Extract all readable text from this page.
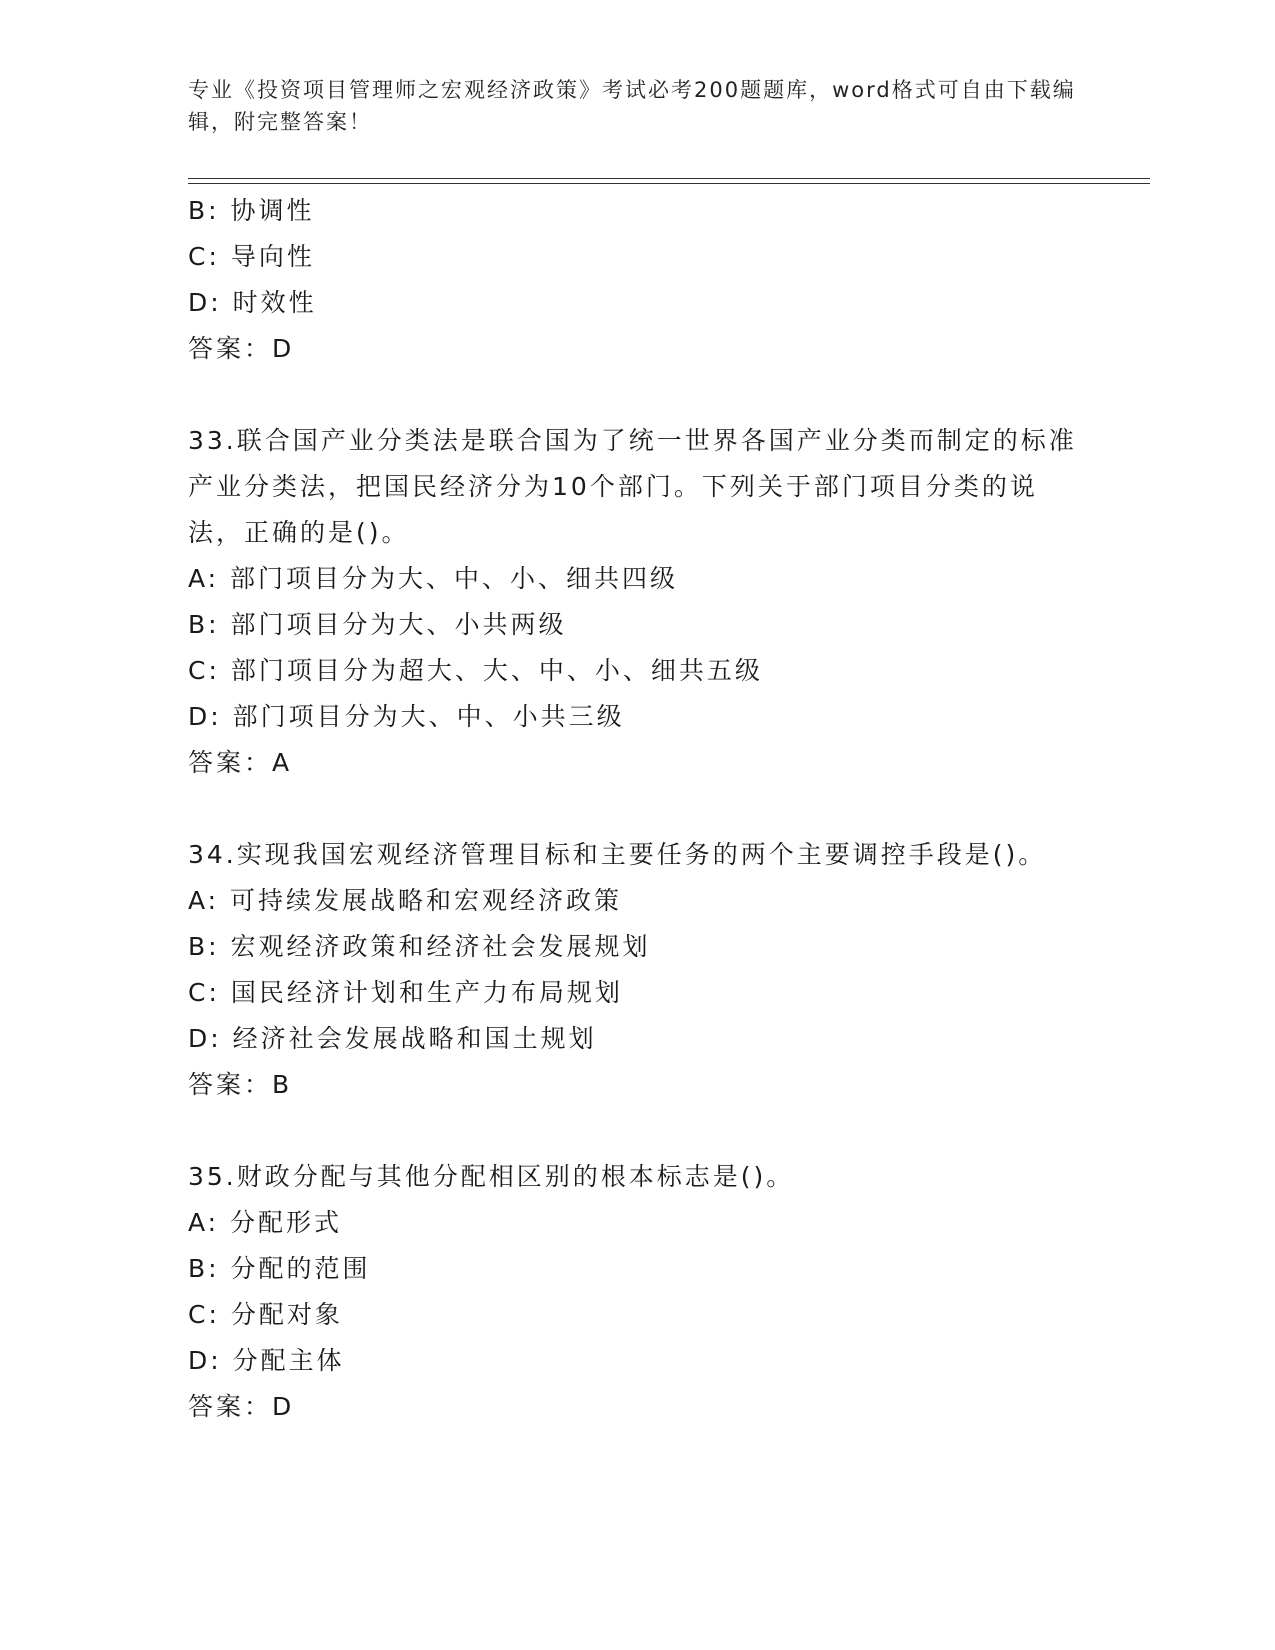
专业《投资项目管理师之宏观经济政策》考试必考200题题库，word格式可自由下载编辑，附完整答案！
B: 协调性
C: 导向性
D: 时效性
答案：D
33.联合国产业分类法是联合国为了统一世界各国产业分类而制定的标准产业分类法，把国民经济分为10个部门。下列关于部门项目分类的说法，正确的是()。
A: 部门项目分为大、中、小、细共四级
B: 部门项目分为大、小共两级
C: 部门项目分为超大、大、中、小、细共五级
D: 部门项目分为大、中、小共三级
答案：A
34.实现我国宏观经济管理目标和主要任务的两个主要调控手段是()。
A: 可持续发展战略和宏观经济政策
B: 宏观经济政策和经济社会发展规划
C: 国民经济计划和生产力布局规划
D: 经济社会发展战略和国土规划
答案：B
35.财政分配与其他分配相区别的根本标志是()。
A: 分配形式
B: 分配的范围
C: 分配对象
D: 分配主体
答案：D
